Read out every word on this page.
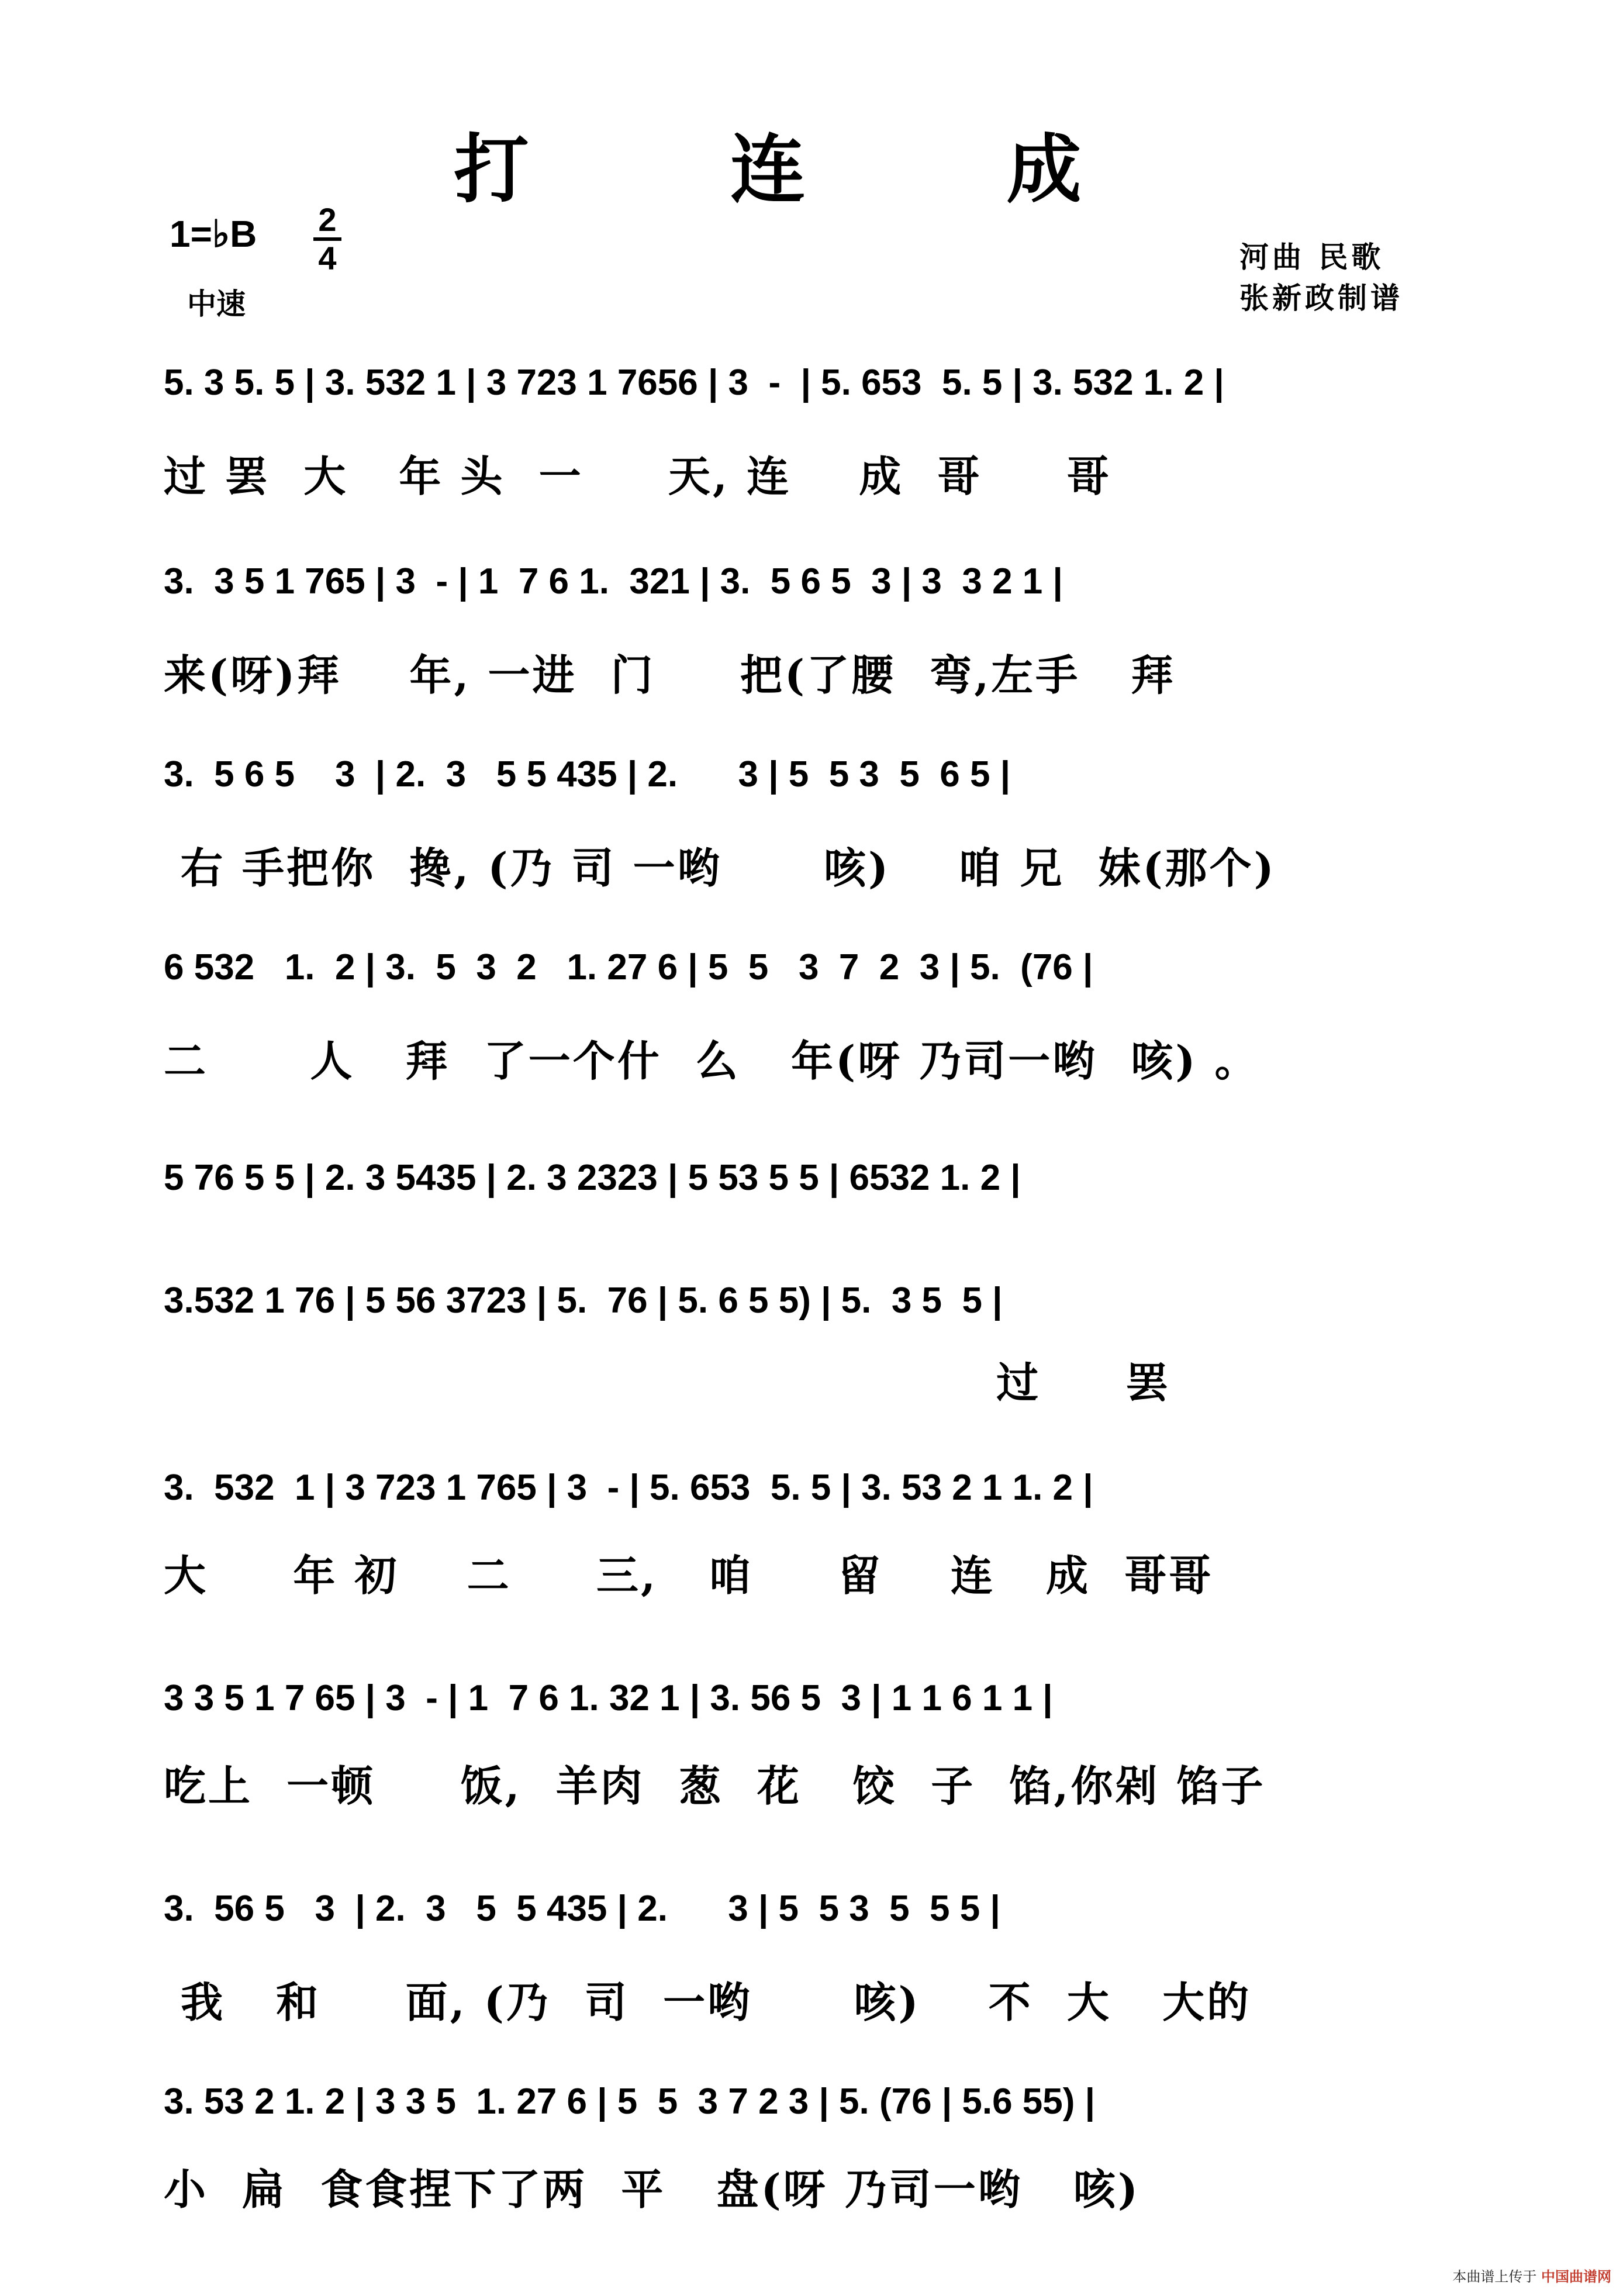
打 连 成
1=♭B 2
4
中速
河曲 民歌
张新政制谱
5. 3 5. 5 | 3. 532 1 | 3 723 1 7656 | 3  -  | 5. 653  5. 5 | 3. 532 1. 2 |
过 罢  大   年 头  一     天, 连    成  哥     哥
3.  3 5 1 765 | 3  - | 1  7 6 1.  321 | 3.  5 6 5  3 | 3  3 2 1 |
来(呀)拜    年, 一进  门     把(了腰  弯,左手   拜
3.  5 6 5    3  | 2.  3   5 5 435 | 2.      3 | 5  5 3  5  6 5 |
右 手把你  搀, (乃 司 一哟      咳)    咱 兄  妹(那个)
6 532   1.  2 | 3.  5  3  2   1. 27 6 | 5  5   3  7  2  3 | 5.  (76 |
二      人   拜  了一个什  么   年(呀 乃司一哟  咳) 。
5 76 5 5 | 2. 3 5435 | 2. 3 2323 | 5 53 5 5 | 6532 1. 2 |
3.532 1 76 | 5 56 3723 | 5.  76 | 5. 6 5 5) | 5.  3 5  5 |
过     罢
3.  532  1 | 3 723 1 765 | 3  - | 5. 653  5. 5 | 3. 53 2 1 1. 2 |
大     年 初    二     三,   咱     留    连   成  哥哥
3 3 5 1 7 65 | 3  - | 1  7 6 1. 32 1 | 3. 56 5  3 | 1 1 6 1 1 |
吃上  一顿     饭,  羊肉  葱  花   饺  子  馅,你剁 馅子
3.  56 5   3  | 2.  3   5  5 435 | 2.      3 | 5  5 3  5  5 5 |
我   和     面, (乃  司  一哟      咳)    不  大   大的
3. 53 2 1. 2 | 3 3 5  1. 27 6 | 5  5  3 7 2 3 | 5. (76 | 5.6 55) |
小  扁  食食捏下了两  平   盘(呀 乃司一哟   咳)
本曲谱上传于 中国曲谱网
